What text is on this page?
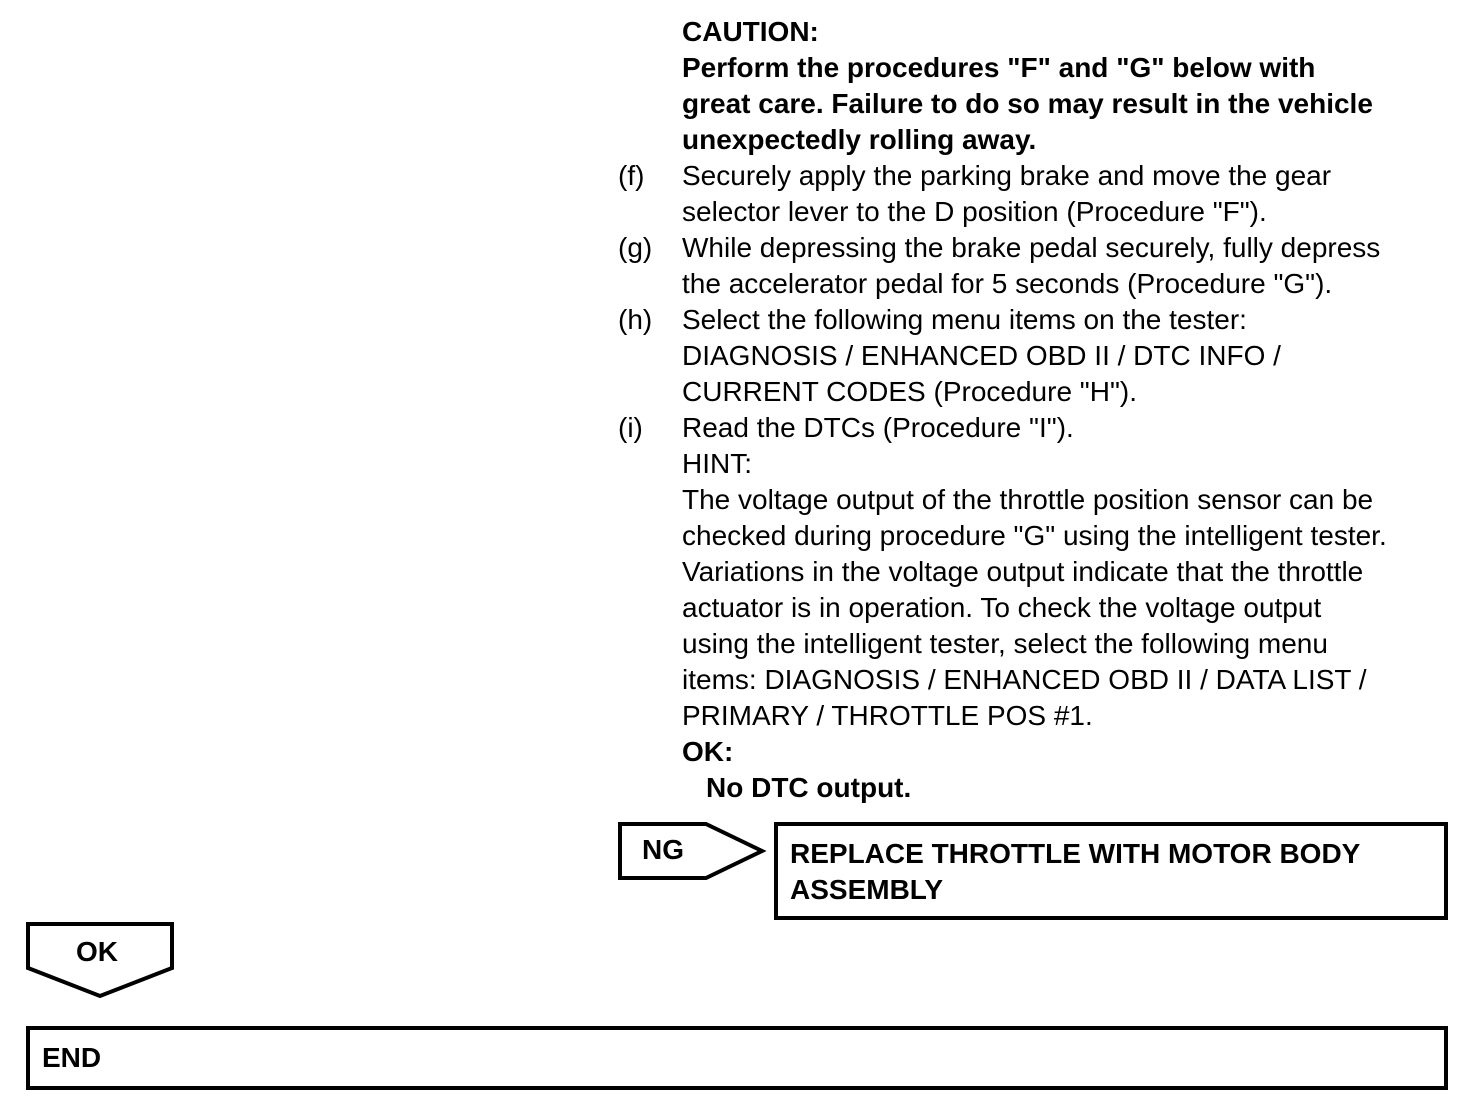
CAUTION:
Perform the procedures "F" and "G" below with
great care. Failure to do so may result in the vehicle
unexpectedly rolling away.
(f)	Securely apply the parking brake and move the gear
selector lever to the D position (Procedure "F").
(g)	While depressing the brake pedal securely, fully depress
the accelerator pedal for 5 seconds (Procedure "G").
(h)	Select the following menu items on the tester:
DIAGNOSIS / ENHANCED OBD II / DTC INFO /
CURRENT CODES (Procedure "H").
(i)	Read the DTCs (Procedure "I").
HINT:
The voltage output of the throttle position sensor can be
checked during procedure "G" using the intelligent tester.
Variations in the voltage output indicate that the throttle
actuator is in operation. To check the voltage output
using the intelligent tester, select the following menu
items: DIAGNOSIS / ENHANCED OBD II / DATA LIST /
PRIMARY / THROTTLE POS #1.
OK:
No DTC output.
NG	REPLACE THROTTLE WITH MOTOR BODY
ASSEMBLY
OK
END
